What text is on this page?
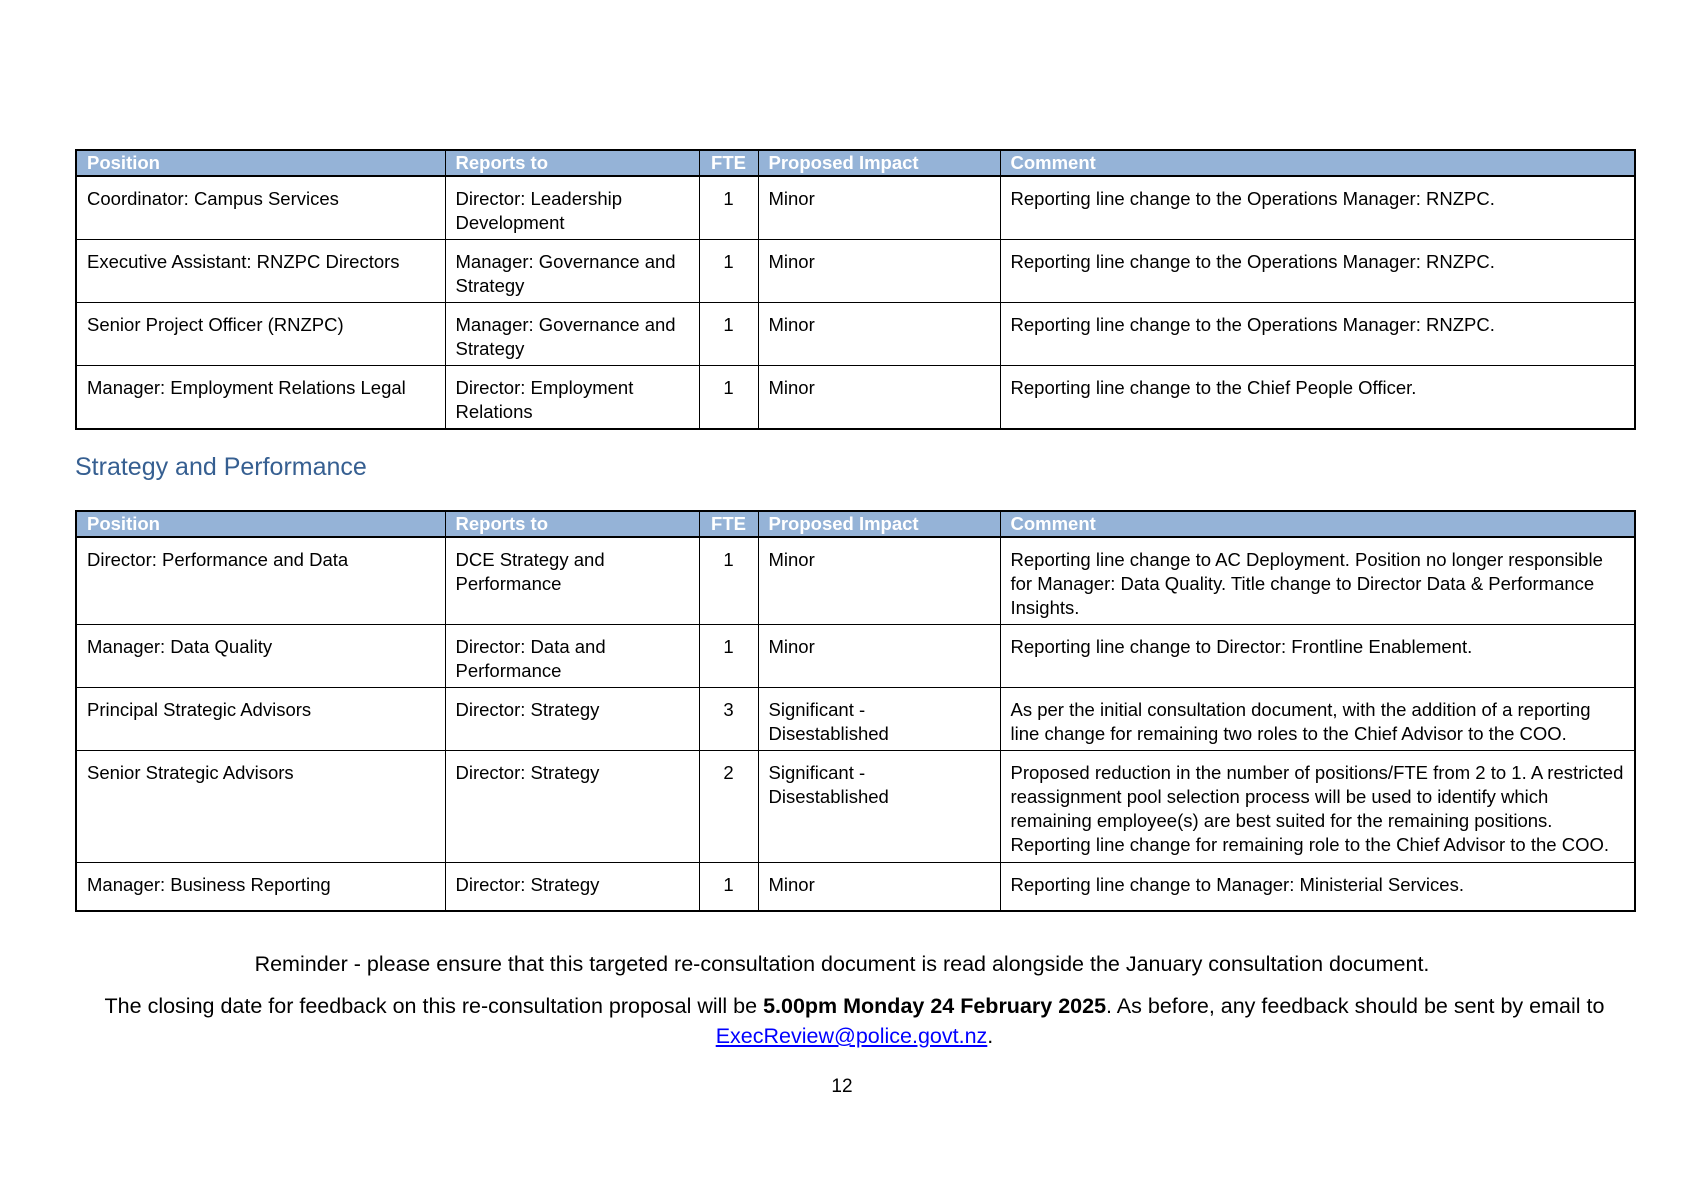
Position	Reports to	FTE	Proposed Impact	Comment
Coordinator: Campus Services	Director: Leadership Development	1	Minor	Reporting line change to the Operations Manager: RNZPC.
Executive Assistant: RNZPC Directors	Manager: Governance and Strategy	1	Minor	Reporting line change to the Operations Manager: RNZPC.
Senior Project Officer (RNZPC)	Manager: Governance and Strategy	1	Minor	Reporting line change to the Operations Manager: RNZPC.
Manager: Employment Relations Legal	Director: Employment Relations	1	Minor	Reporting line change to the Chief People Officer.
Strategy and Performance
Position	Reports to	FTE	Proposed Impact	Comment
Director: Performance and Data	DCE Strategy and Performance	1	Minor	Reporting line change to AC Deployment. Position no longer responsible for Manager: Data Quality. Title change to Director Data & Performance Insights.
Manager: Data Quality	Director: Data and Performance	1	Minor	Reporting line change to Director: Frontline Enablement.
Principal Strategic Advisors	Director: Strategy	3	Significant - Disestablished	As per the initial consultation document, with the addition of a reporting line change for remaining two roles to the Chief Advisor to the COO.
Senior Strategic Advisors	Director: Strategy	2	Significant - Disestablished	Proposed reduction in the number of positions/FTE from 2 to 1. A restricted reassignment pool selection process will be used to identify which remaining employee(s) are best suited for the remaining positions. Reporting line change for remaining role to the Chief Advisor to the COO.
Manager: Business Reporting	Director: Strategy	1	Minor	Reporting line change to Manager: Ministerial Services.

Reminder - please ensure that this targeted re-consultation document is read alongside the January consultation document.

The closing date for feedback on this re-consultation proposal will be 5.00pm Monday 24 February 2025. As before, any feedback should be sent by email to ExecReview@police.govt.nz.

12
